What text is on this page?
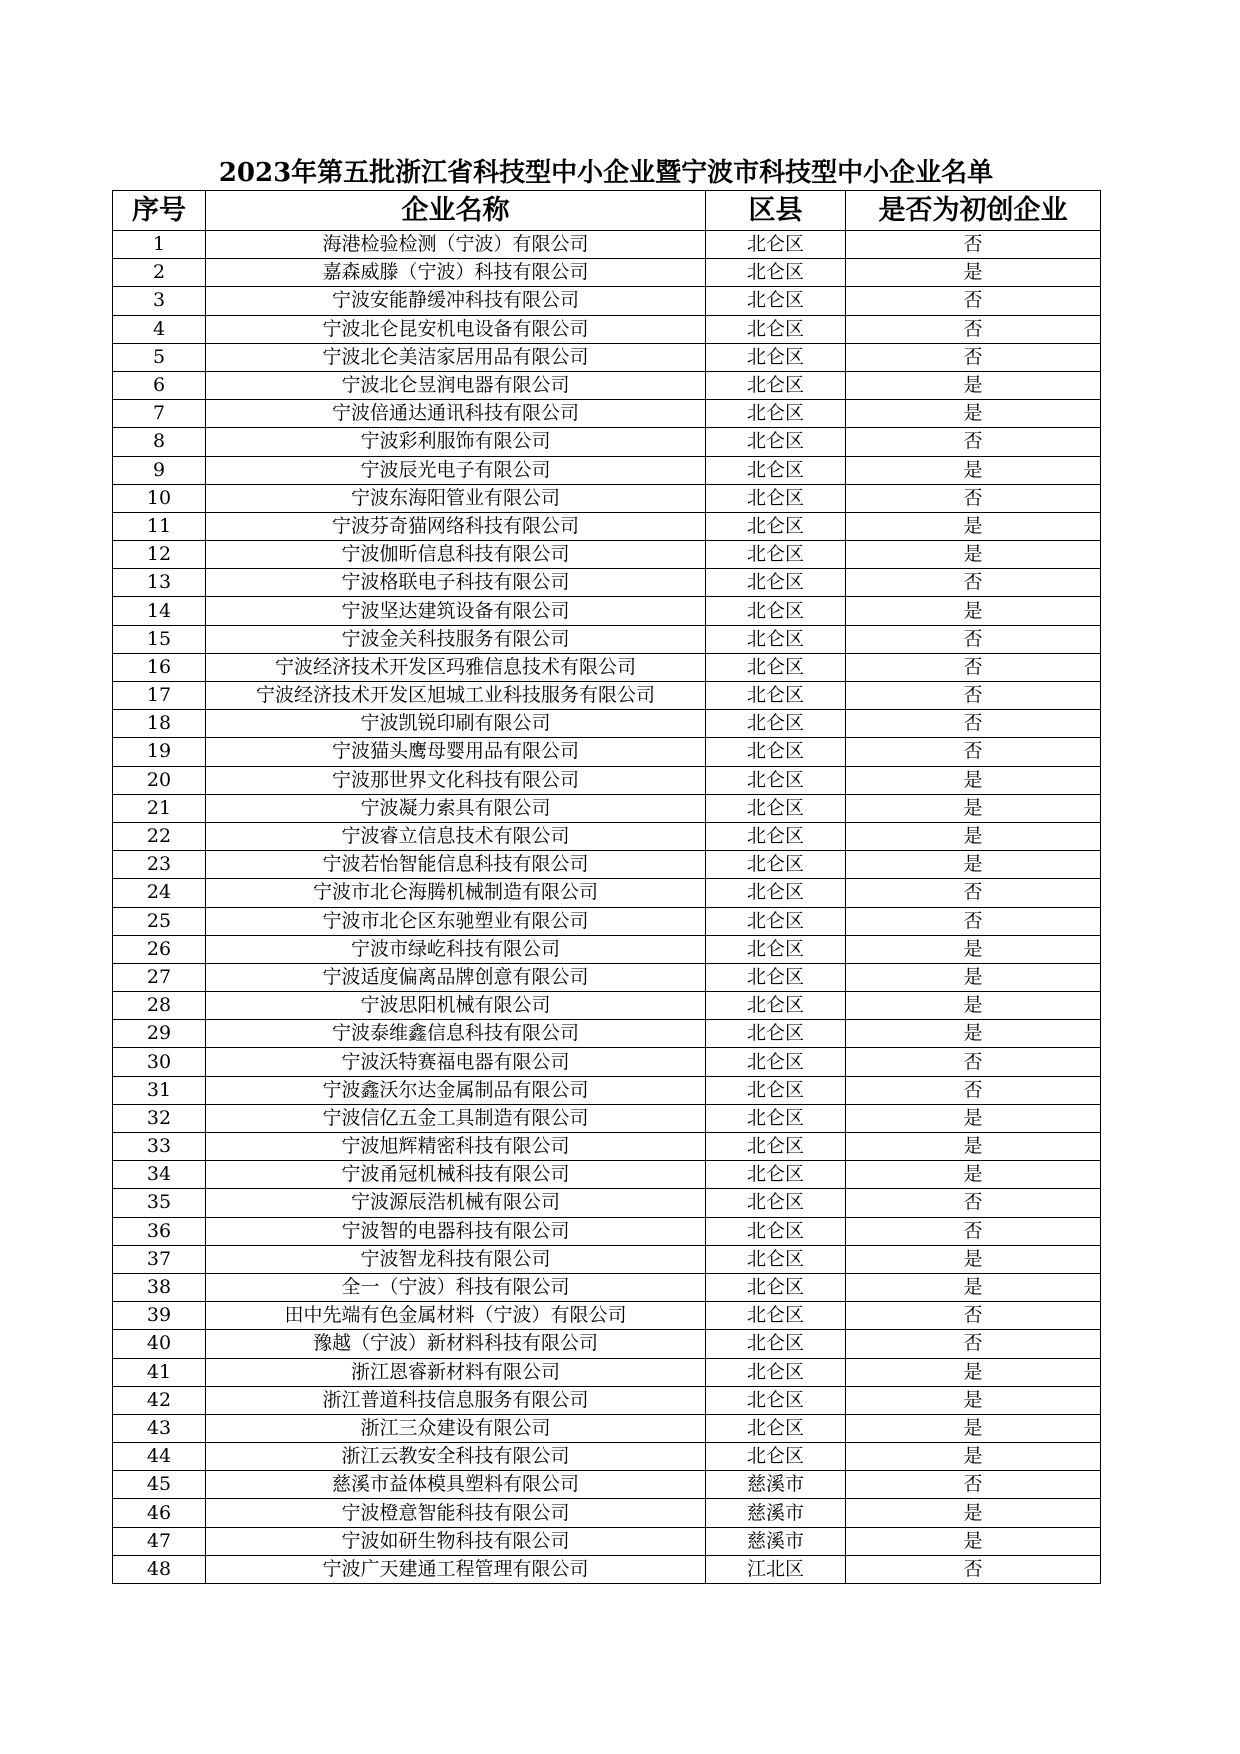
2023年第五批浙江省科技型中小企业暨宁波市科技型中小企业名单
序号	企业名称	区县	是否为初创企业
1	海港检验检测（宁波）有限公司	北仑区	否
2	嘉森威滕（宁波）科技有限公司	北仑区	是
3	宁波安能静缓冲科技有限公司	北仑区	否
4	宁波北仑昆安机电设备有限公司	北仑区	否
5	宁波北仑美洁家居用品有限公司	北仑区	否
6	宁波北仑昱润电器有限公司	北仑区	是
7	宁波倍通达通讯科技有限公司	北仑区	是
8	宁波彩利服饰有限公司	北仑区	否
9	宁波辰光电子有限公司	北仑区	是
10	宁波东海阳管业有限公司	北仑区	否
11	宁波芬奇猫网络科技有限公司	北仑区	是
12	宁波伽昕信息科技有限公司	北仑区	是
13	宁波格联电子科技有限公司	北仑区	否
14	宁波坚达建筑设备有限公司	北仑区	是
15	宁波金关科技服务有限公司	北仑区	否
16	宁波经济技术开发区玛雅信息技术有限公司	北仑区	否
17	宁波经济技术开发区旭城工业科技服务有限公司	北仑区	否
18	宁波凯锐印刷有限公司	北仑区	否
19	宁波猫头鹰母婴用品有限公司	北仑区	否
20	宁波那世界文化科技有限公司	北仑区	是
21	宁波凝力索具有限公司	北仑区	是
22	宁波睿立信息技术有限公司	北仑区	是
23	宁波若怡智能信息科技有限公司	北仑区	是
24	宁波市北仑海腾机械制造有限公司	北仑区	否
25	宁波市北仑区东驰塑业有限公司	北仑区	否
26	宁波市绿屹科技有限公司	北仑区	是
27	宁波适度偏离品牌创意有限公司	北仑区	是
28	宁波思阳机械有限公司	北仑区	是
29	宁波泰维鑫信息科技有限公司	北仑区	是
30	宁波沃特赛福电器有限公司	北仑区	否
31	宁波鑫沃尔达金属制品有限公司	北仑区	否
32	宁波信亿五金工具制造有限公司	北仑区	是
33	宁波旭辉精密科技有限公司	北仑区	是
34	宁波甬冠机械科技有限公司	北仑区	是
35	宁波源辰浩机械有限公司	北仑区	否
36	宁波智的电器科技有限公司	北仑区	否
37	宁波智龙科技有限公司	北仑区	是
38	全一（宁波）科技有限公司	北仑区	是
39	田中先端有色金属材料（宁波）有限公司	北仑区	否
40	豫越（宁波）新材料科技有限公司	北仑区	否
41	浙江恩睿新材料有限公司	北仑区	是
42	浙江普道科技信息服务有限公司	北仑区	是
43	浙江三众建设有限公司	北仑区	是
44	浙江云教安全科技有限公司	北仑区	是
45	慈溪市益体模具塑料有限公司	慈溪市	否
46	宁波橙意智能科技有限公司	慈溪市	是
47	宁波如研生物科技有限公司	慈溪市	是
48	宁波广天建通工程管理有限公司	江北区	否
